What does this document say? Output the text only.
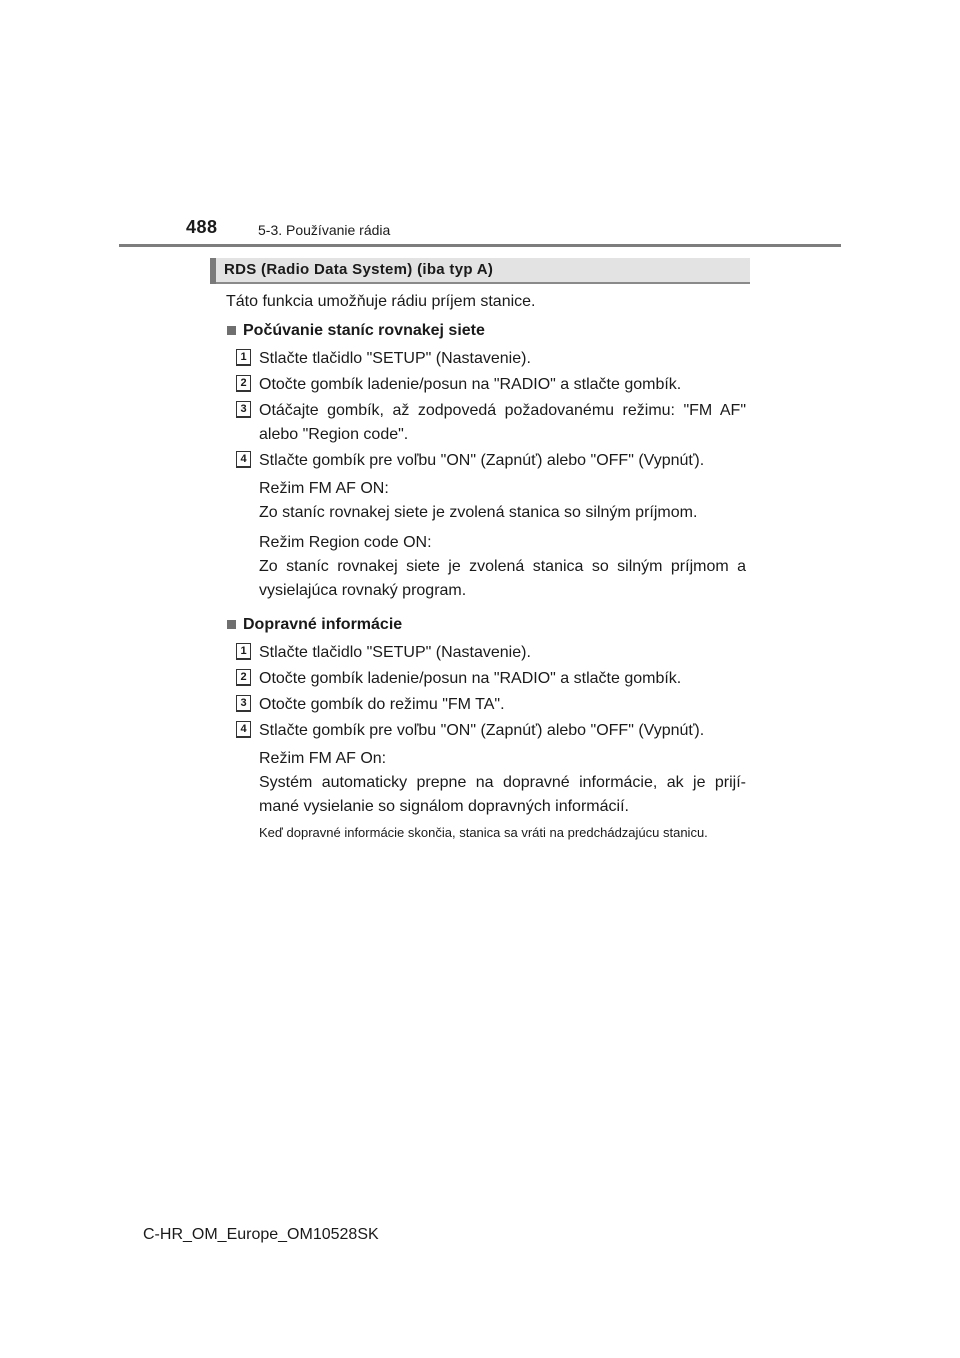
488	5-3. Používanie rádia
RDS (Radio Data System) (iba typ A)

Táto funkcia umožňuje rádiu príjem stanice.

Počúvanie staníc rovnakej siete
1 Stlačte tlačidlo "SETUP" (Nastavenie).
2 Otočte gombík ladenie/posun na "RADIO" a stlačte gombík.
3 Otáčajte gombík, až zodpovedá požadovanému režimu: "FM AF" alebo "Region code".
4 Stlačte gombík pre voľbu "ON" (Zapnúť) alebo "OFF" (Vypnúť).
Režim FM AF ON:
Zo staníc rovnakej siete je zvolená stanica so silným príjmom.
Režim Region code ON:
Zo staníc rovnakej siete je zvolená stanica so silným príjmom a vysielajúca rovnaký program.
Dopravné informácie
1 Stlačte tlačidlo "SETUP" (Nastavenie).
2 Otočte gombík ladenie/posun na "RADIO" a stlačte gombík.
3 Otočte gombík do režimu "FM TA".
4 Stlačte gombík pre voľbu "ON" (Zapnúť) alebo "OFF" (Vypnúť).
Režim FM AF On:
Systém automaticky prepne na dopravné informácie, ak je prijí-mané vysielanie so signálom dopravných informácií.

Keď dopravné informácie skončia, stanica sa vráti na predchádzajúcu stanicu.

C-HR_OM_Europe_OM10528SK
